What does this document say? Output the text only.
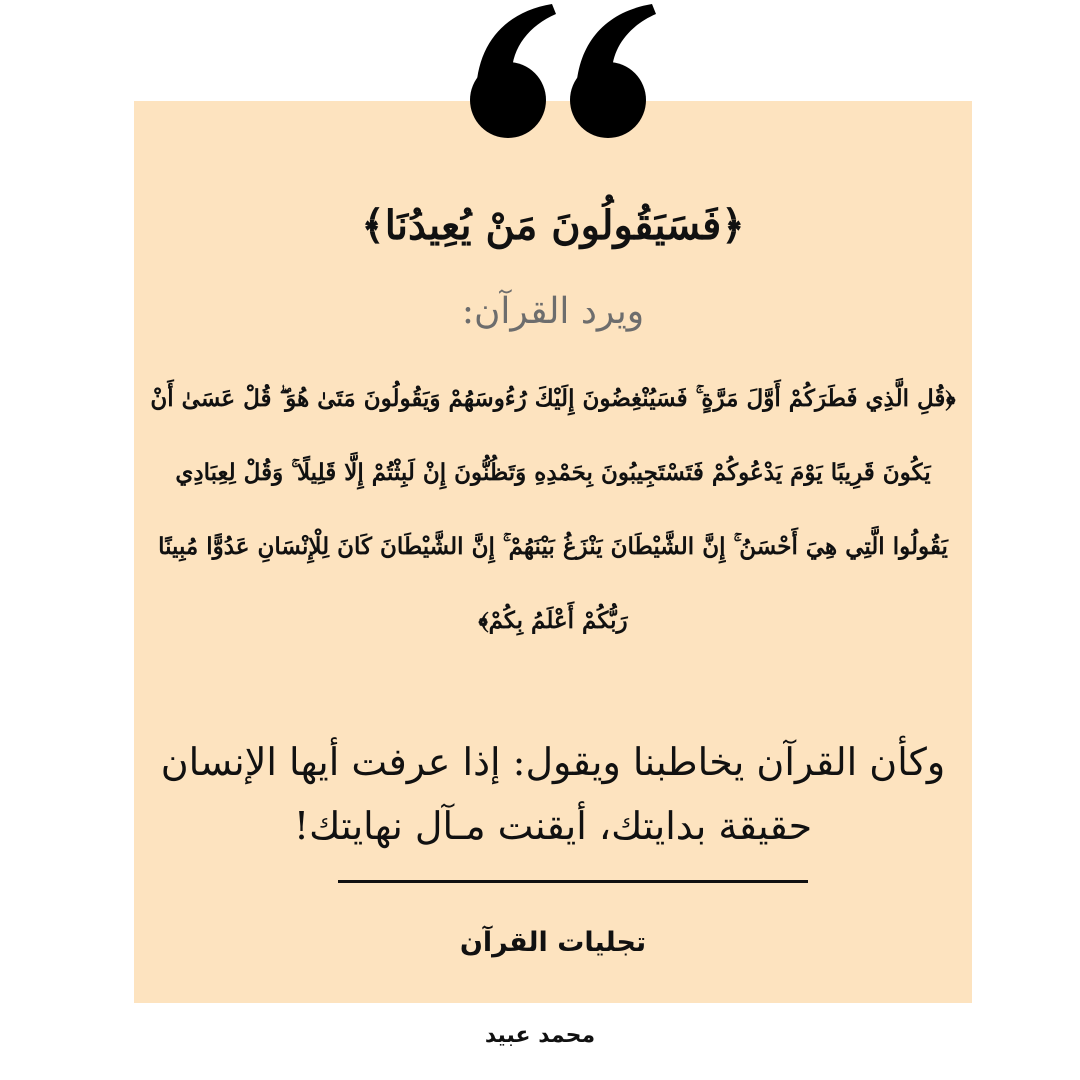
﴿فَسَيَقُولُونَ مَنْ يُعِيدُنَا﴾
ويرد القرآن:
﴿قُلِ الَّذِي فَطَرَكُمْ أَوَّلَ مَرَّةٍ ۚ فَسَيُنْغِضُونَ إِلَيْكَ رُءُوسَهُمْ وَيَقُولُونَ مَتَىٰ هُوَ ۖ قُلْ عَسَىٰ أَنْ يَكُونَ قَرِيبًا يَوْمَ يَدْعُوكُمْ فَتَسْتَجِيبُونَ بِحَمْدِهِ وَتَظُنُّونَ إِنْ لَبِثْتُمْ إِلَّا قَلِيلًا ۚ وَقُلْ لِعِبَادِي يَقُولُوا الَّتِي هِيَ أَحْسَنُ ۚ إِنَّ الشَّيْطَانَ يَنْزَغُ بَيْنَهُمْ ۚ إِنَّ الشَّيْطَانَ كَانَ لِلْإِنْسَانِ عَدُوًّا مُبِينًا رَبُّكُمْ أَعْلَمُ بِكُمْ﴾
وكأن القرآن يخاطبنا ويقول: إذا عرفت أيها الإنسان حقيقة بدايتك، أيقنت مـآل نهايتك!
تجليات القرآن
محمد عبيد
